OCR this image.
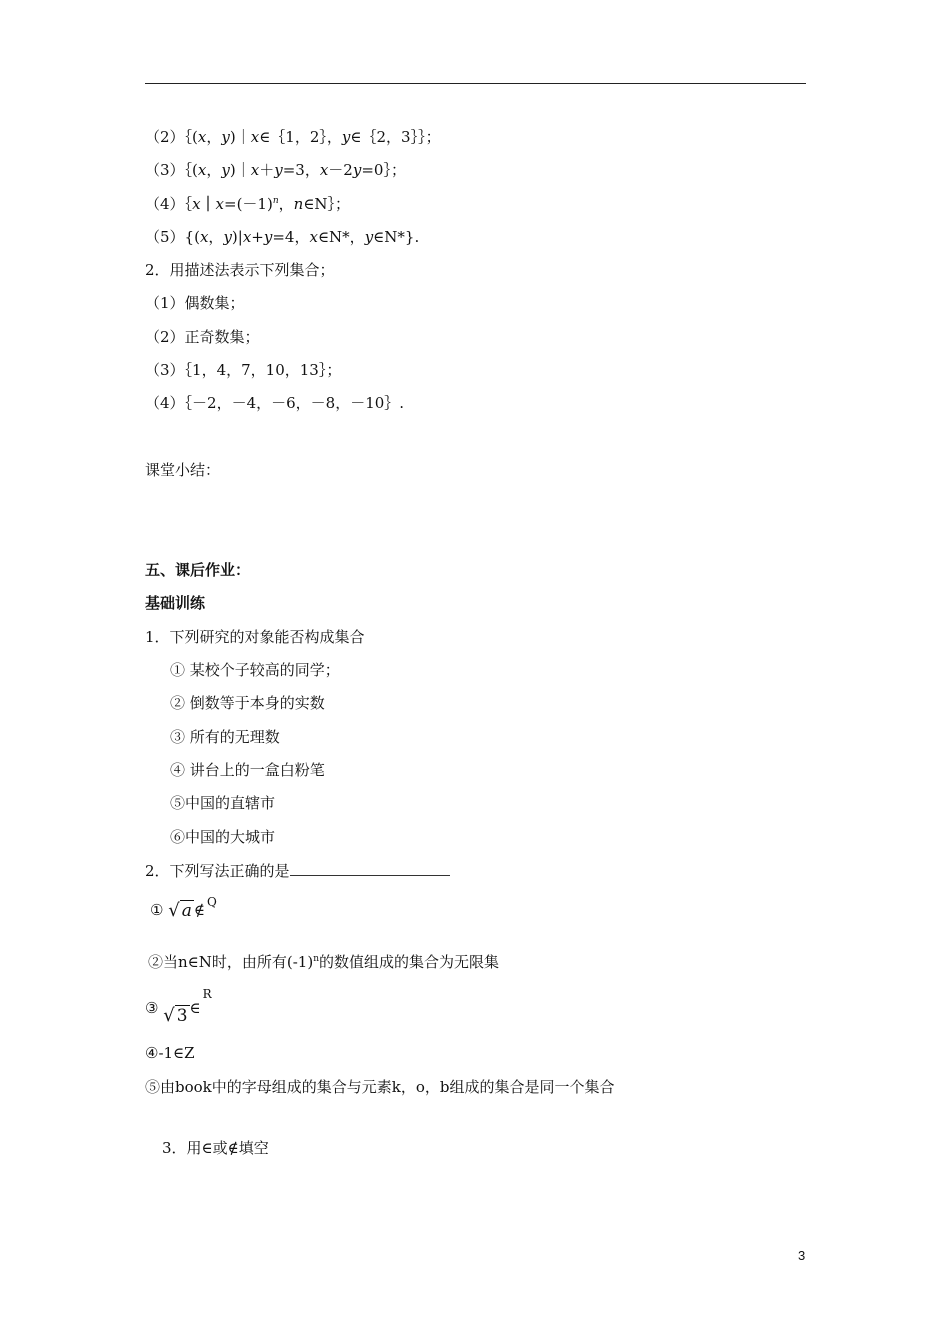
（2）｛(x，y)｜x∈｛1，2｝，y∈｛2，3｝｝；
（3）｛(x，y)｜x＋y=3，x－2y=0｝；
$(4)\{x|x=(-1)^n$，n∈N｝；
（5）{(x，y)|x+y=4，x∈N*，y∈N*}.
2．用描述法表示下列集合；
（1）偶数集；
（2）正奇数集；
（3）｛1，4，7，10，13｝；
（4）｛－2，－4，－6，－8，－10｝.
课堂小结：
五、课后作业：
基础训练
1．下列研究的对象能否构成集合
① 某校个子较高的同学；
② 倒数等于本身的实数
③ 所有的无理数
④ 讲台上的一盒白粉笔
⑤中国的直辖市
⑥中国的大城市
2．下列写法正确的是
① √ a ∉ $^Q$
②当n∈N时，由所有$(-1)^n$的数值组成的集合为无限集
③ √ 3 ∈$^R$
④-1∈Z
⑤由book中的字母组成的集合与元素k，o，b组成的集合是同一个集合
3．用∈或∉填空
3
